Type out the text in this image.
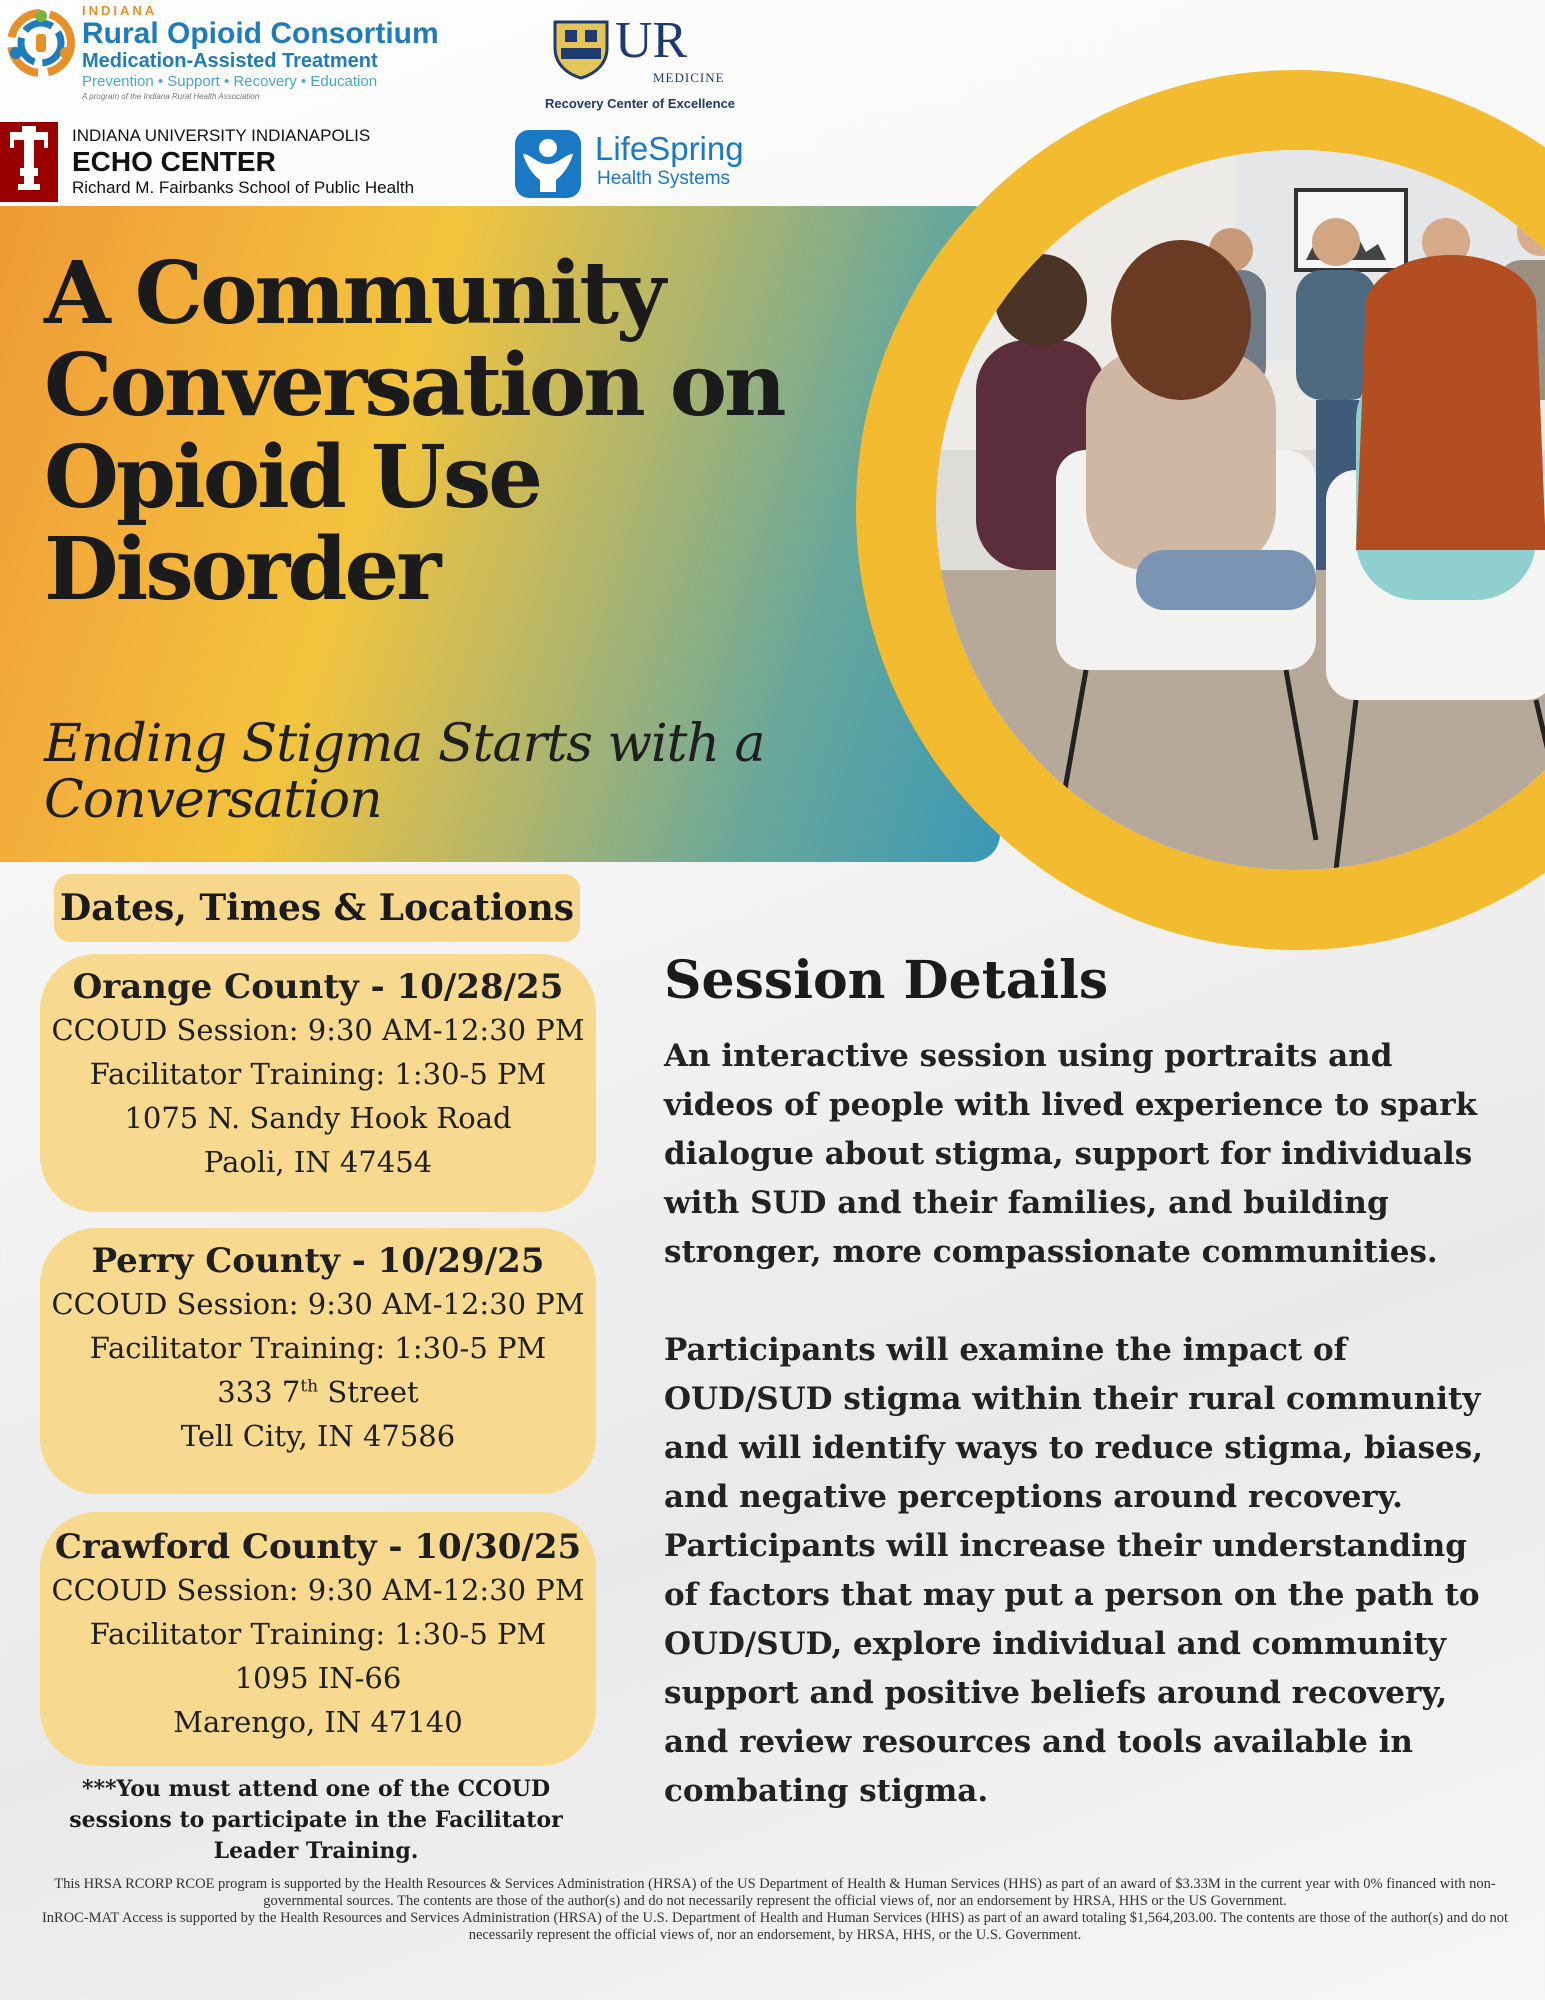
INDIANA
Rural Opioid Consortium
Medication-Assisted Treatment
Prevention • Support • Recovery • Education
A program of the Indiana Rural Health Association
INDIANA UNIVERSITY INDIANAPOLIS
ECHO CENTER
Richard M. Fairbanks School of Public Health
UR
MEDICINE
Recovery Center of Excellence
LifeSpring
Health Systems
A Community Conversation on Opioid Use Disorder
Ending Stigma Starts with a Conversation
Dates, Times & Locations
Orange County - 10/28/25
CCOUD Session: 9:30 AM-12:30 PM
Facilitator Training: 1:30-5 PM
1075 N. Sandy Hook Road
Paoli, IN 47454
Perry County - 10/29/25
CCOUD Session: 9:30 AM-12:30 PM
Facilitator Training: 1:30-5 PM
333 7th Street
Tell City, IN 47586
Crawford County - 10/30/25
CCOUD Session: 9:30 AM-12:30 PM
Facilitator Training: 1:30-5 PM
1095 IN-66
Marengo, IN 47140
***You must attend one of the CCOUD sessions to participate in the Facilitator Leader Training.
Session Details

An interactive session using portraits and videos of people with lived experience to spark dialogue about stigma, support for individuals with SUD and their families, and building stronger, more compassionate communities.

Participants will examine the impact of OUD/SUD stigma within their rural community and will identify ways to reduce stigma, biases, and negative perceptions around recovery. Participants will increase their understanding of factors that may put a person on the path to OUD/SUD, explore individual and community support and positive beliefs around recovery, and review resources and tools available in combating stigma.

This HRSA RCORP RCOE program is supported by the Health Resources & Services Administration (HRSA) of the US Department of Health & Human Services (HHS) as part of an award of $3.33M in the current year with 0% financed with non-governmental sources. The contents are those of the author(s) and do not necessarily represent the official views of, nor an endorsement by HRSA, HHS or the US Government.

InROC-MAT Access is supported by the Health Resources and Services Administration (HRSA) of the U.S. Department of Health and Human Services (HHS) as part of an award totaling $1,564,203.00. The contents are those of the author(s) and do not necessarily represent the official views of, nor an endorsement, by HRSA, HHS, or the U.S. Government.
